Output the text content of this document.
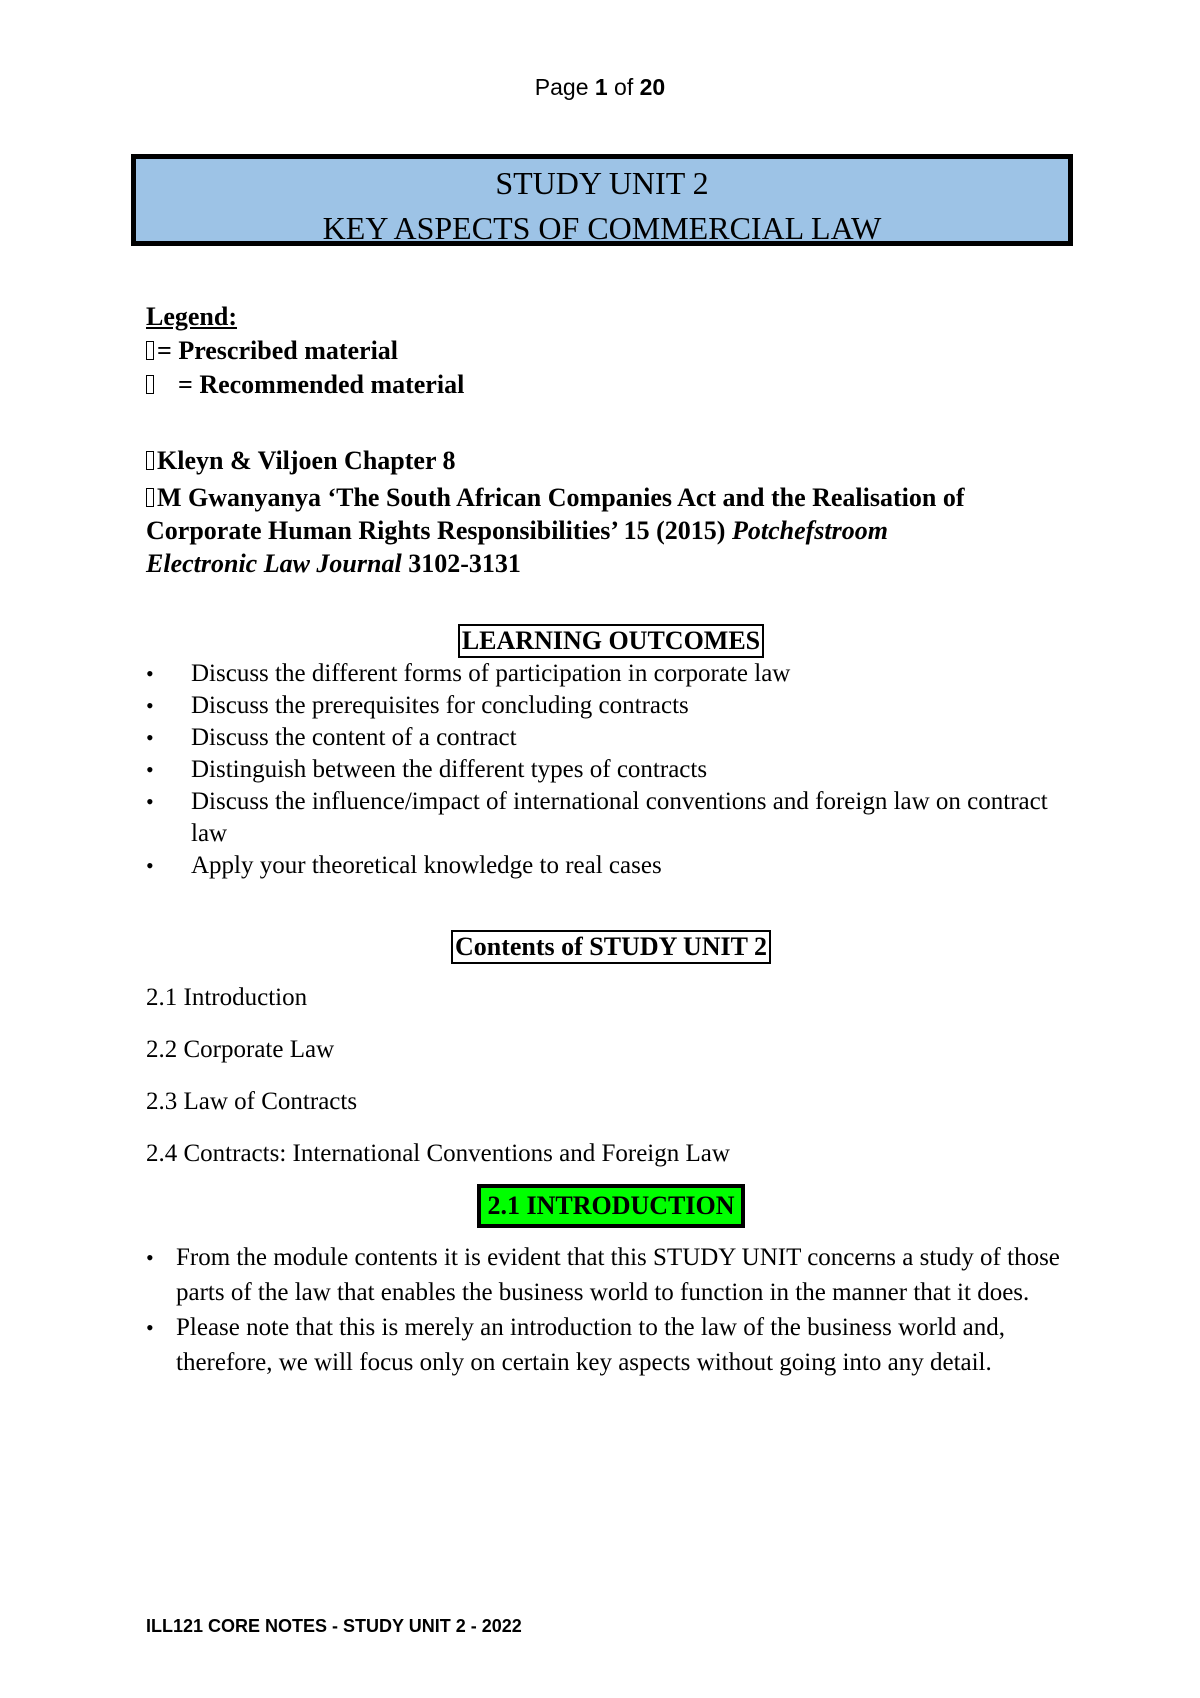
Page 1 of 20
STUDY UNIT 2
KEY ASPECTS OF COMMERCIAL LAW

Legend:

= Prescribed material

= Recommended material

Kleyn & Viljoen Chapter 8

M Gwanyanya ‘The South African Companies Act and the Realisation of
Corporate Human Rights Responsibilities’ 15 (2015) Potchefstroom
Electronic Law Journal 3102-3131

LEARNING OUTCOMES

• Discuss the different forms of participation in corporate law
• Discuss the prerequisites for concluding contracts
• Discuss the content of a contract
• Distinguish between the different types of contracts
• Discuss the influence/impact of international conventions and foreign law on contract law
• Apply your theoretical knowledge to real cases

Contents of STUDY UNIT 2

2.1 Introduction

2.2 Corporate Law

2.3 Law of Contracts

2.4 Contracts: International Conventions and Foreign Law

2.1 INTRODUCTION

• From the module contents it is evident that this STUDY UNIT concerns a study of those parts of the law that enables the business world to function in the manner that it does.
• Please note that this is merely an introduction to the law of the business world and, therefore, we will focus only on certain key aspects without going into any detail.
ILL121 CORE NOTES - STUDY UNIT 2 - 2022
